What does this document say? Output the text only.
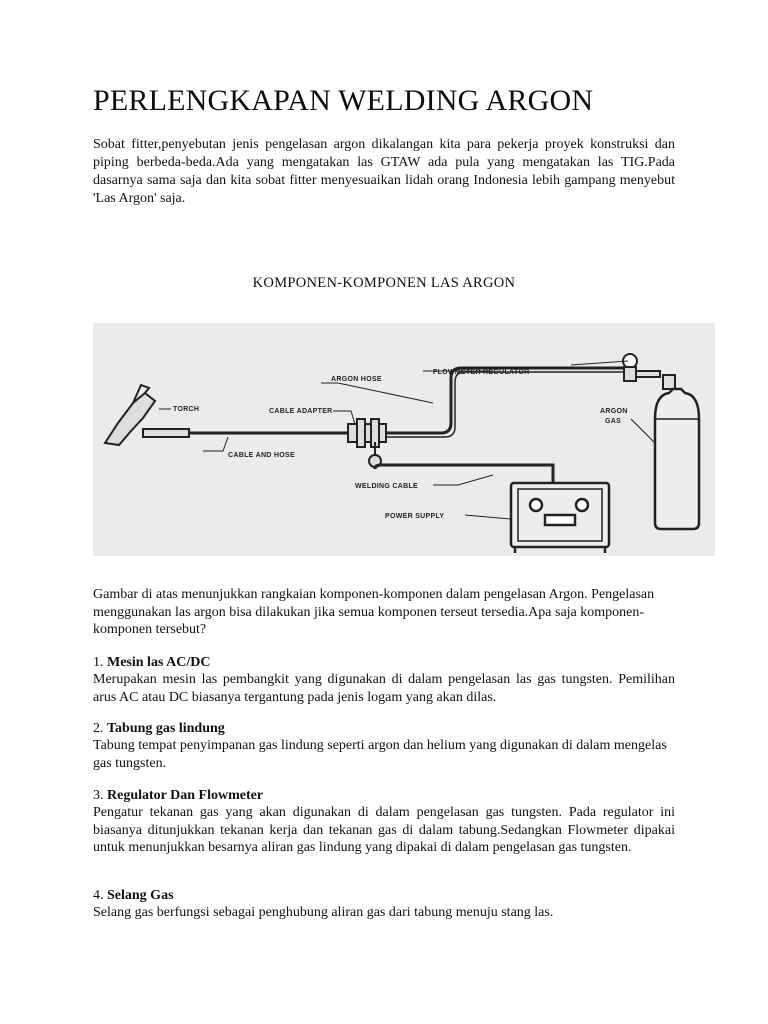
PERLENGKAPAN WELDING ARGON

Sobat fitter,penyebutan jenis pengelasan argon dikalangan kita para pekerja proyek konstruksi dan piping berbeda-beda.Ada yang mengatakan las GTAW ada pula yang mengatakan las TIG.Pada dasarnya sama saja dan kita sobat fitter menyesuaikan lidah orang Indonesia lebih gampang menyebut 'Las Argon' saja.

KOMPONEN-KOMPONEN LAS ARGON
TORCH
CABLE AND HOSE
ARGON HOSE
CABLE ADAPTER
FLOWMETER REGULATOR
ARGON
GAS
WELDING CABLE
POWER SUPPLY

Gambar di atas menunjukkan rangkaian komponen-komponen dalam pengelasan Argon. Pengelasan menggunakan las argon bisa dilakukan jika semua komponen terseut tersedia.Apa saja komponen-komponen tersebut?

1. Mesin las AC/DC

Merupakan mesin las pembangkit yang digunakan di dalam pengelasan las gas tungsten. Pemilihan arus AC atau DC biasanya tergantung pada jenis logam yang akan dilas.

2. Tabung gas lindung

Tabung tempat penyimpanan gas lindung seperti argon dan helium yang digunakan di dalam mengelas gas tungsten.

3. Regulator Dan Flowmeter

Pengatur tekanan gas yang akan digunakan di dalam pengelasan gas tungsten. Pada regulator ini biasanya ditunjukkan tekanan kerja dan tekanan gas di dalam tabung.Sedangkan Flowmeter dipakai untuk menunjukkan besarnya aliran gas lindung yang dipakai di dalam pengelasan gas tungsten.

4. Selang Gas

Selang gas berfungsi sebagai penghubung aliran gas dari tabung menuju stang las.
